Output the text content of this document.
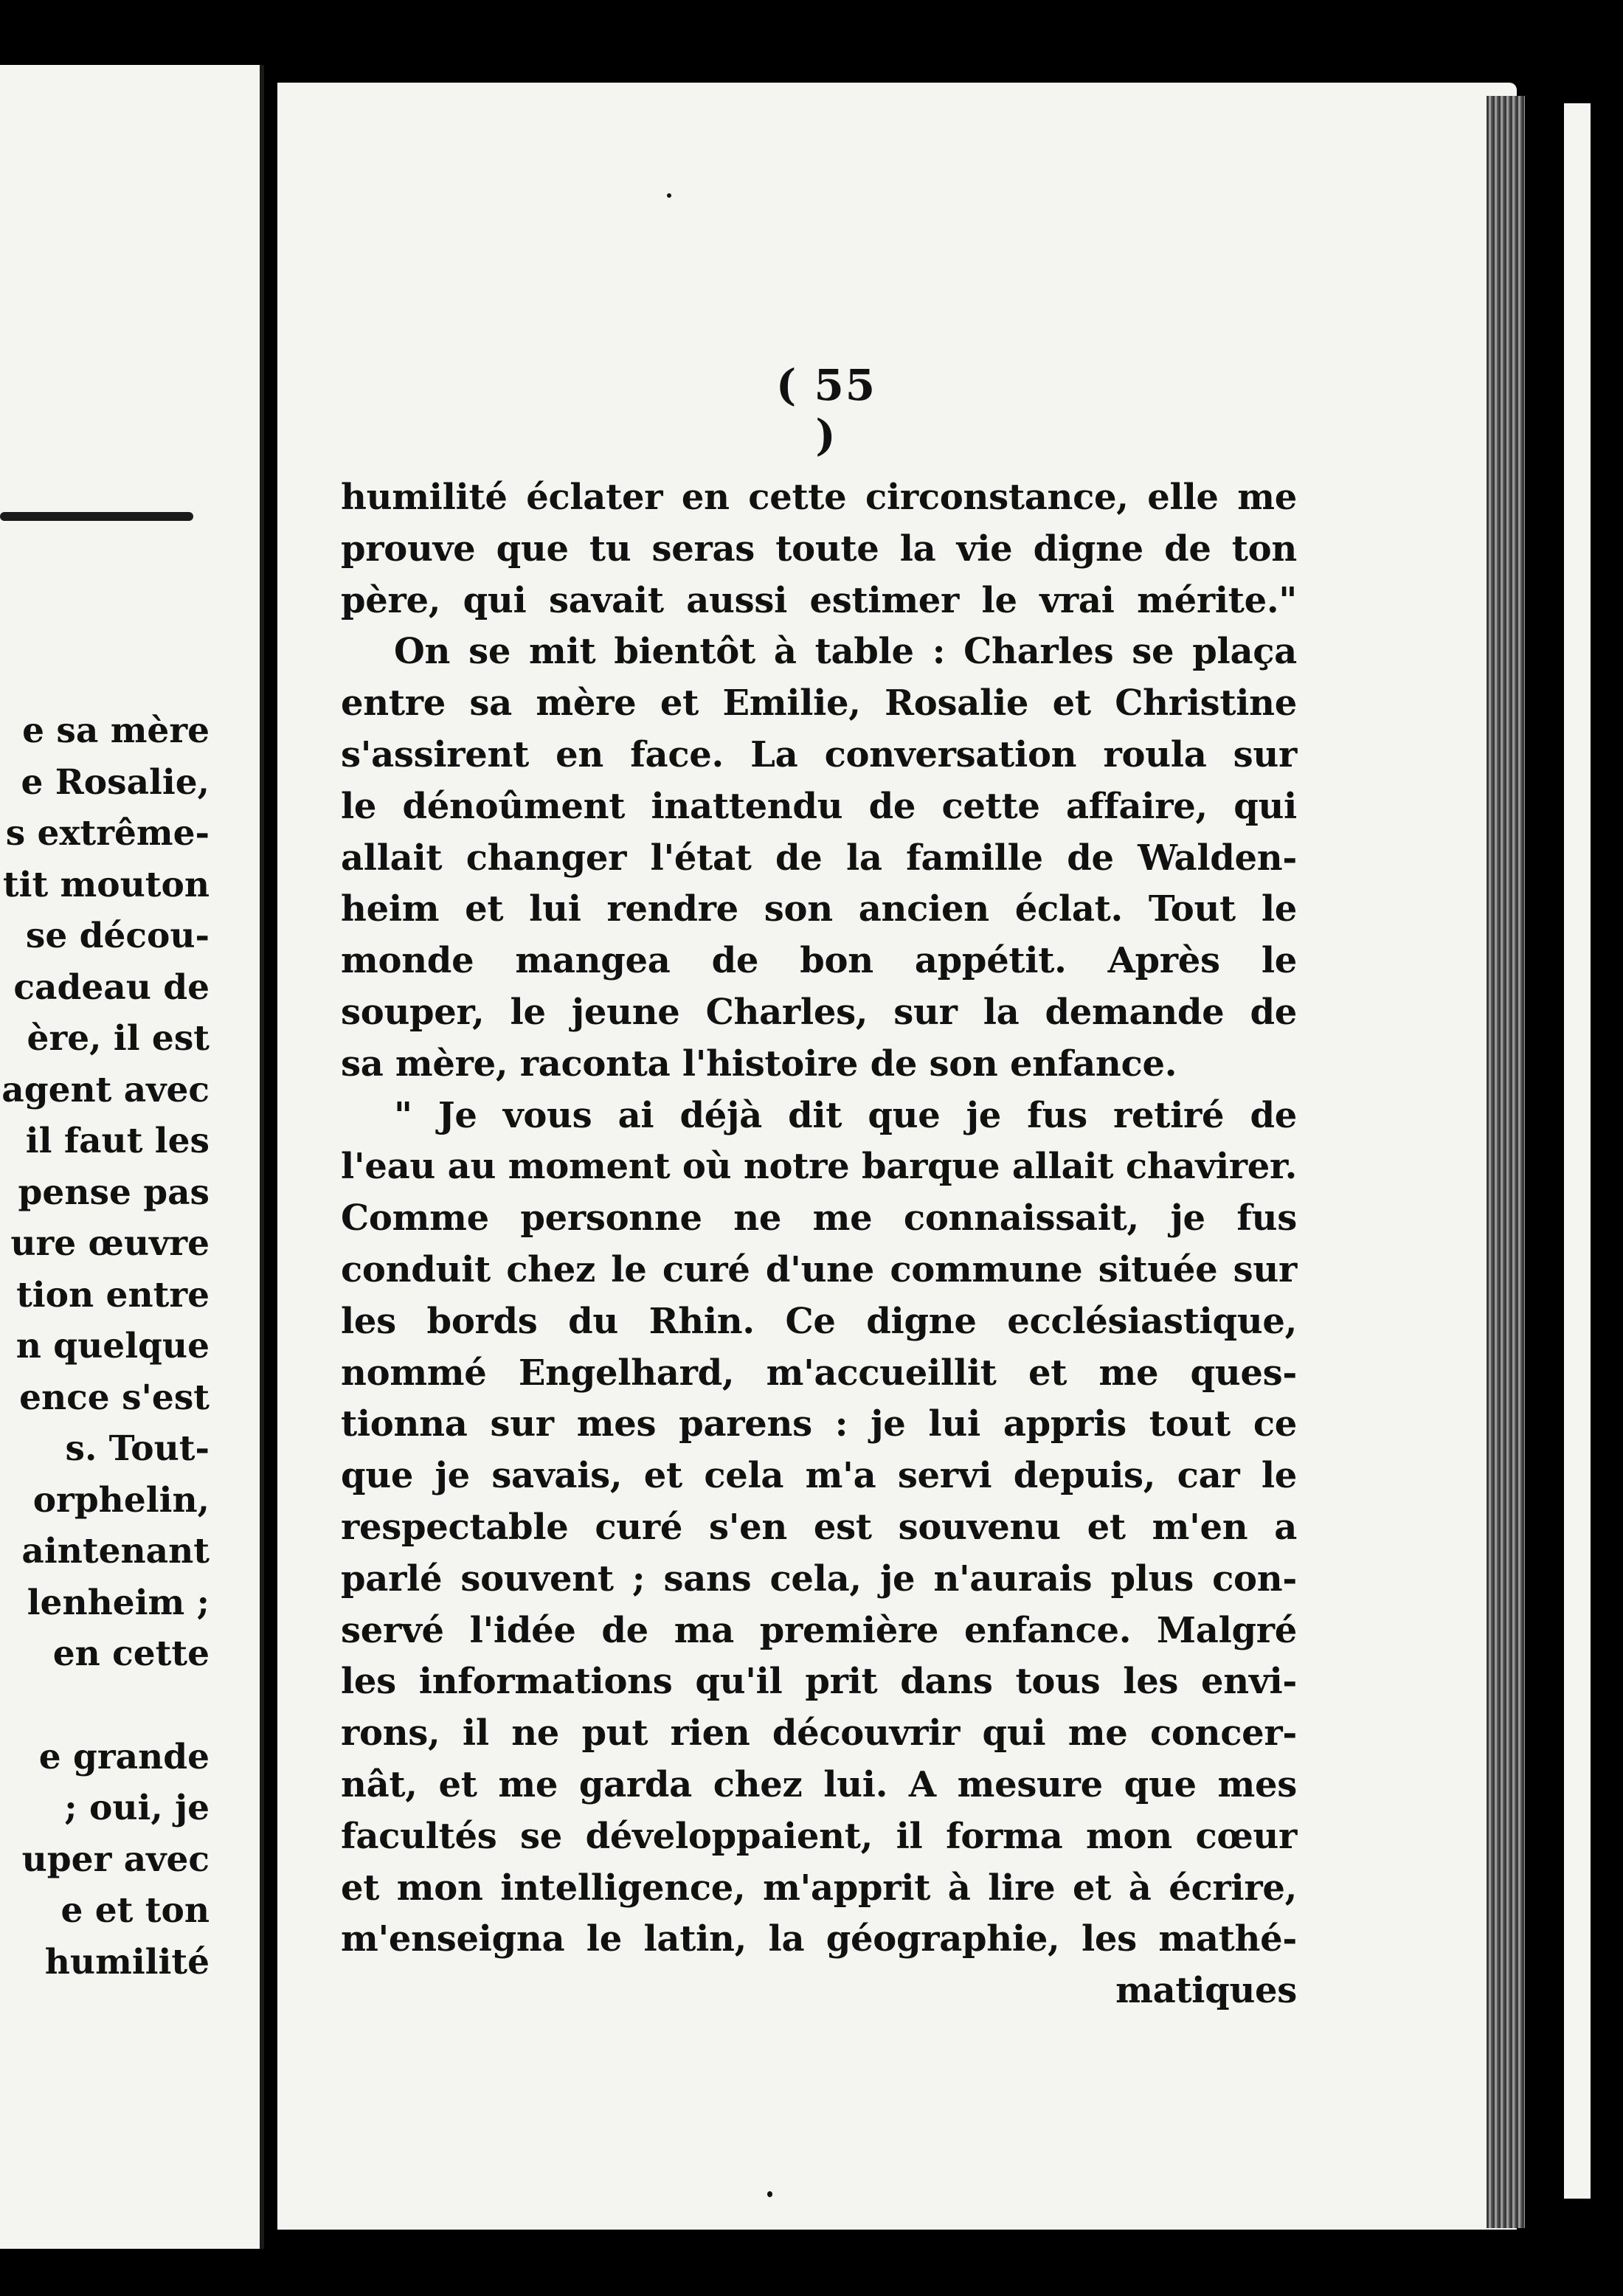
e sa mère
e Rosalie,
s extrême-
tit mouton
se décou-
cadeau de
ère, il est
agent avec
il faut les
pense pas
ure œuvre
tion entre
n quelque
ence s'est
s. Tout-
orphelin,
aintenant
lenheim ;
en cette
e grande
; oui, je
uper avec
e et ton
humilité
( 55 )
humilité éclater en cette circonstance, elle me
prouve que tu seras toute la vie digne de ton
père, qui savait aussi estimer le vrai mérite."
On se mit bientôt à table : Charles se plaça
entre sa mère et Emilie, Rosalie et Christine
s'assirent en face. La conversation roula sur
le dénoûment inattendu de cette affaire, qui
allait changer l'état de la famille de Walden-
heim et lui rendre son ancien éclat. Tout le
monde mangea de bon appétit. Après le
souper, le jeune Charles, sur la demande de
sa mère, raconta l'histoire de son enfance.
" Je vous ai déjà dit que je fus retiré de
l'eau au moment où notre barque allait chavirer.
Comme personne ne me connaissait, je fus
conduit chez le curé d'une commune située sur
les bords du Rhin. Ce digne ecclésiastique,
nommé Engelhard, m'accueillit et me ques-
tionna sur mes parens : je lui appris tout ce
que je savais, et cela m'a servi depuis, car le
respectable curé s'en est souvenu et m'en a
parlé souvent ; sans cela, je n'aurais plus con-
servé l'idée de ma première enfance. Malgré
les informations qu'il prit dans tous les envi-
rons, il ne put rien découvrir qui me concer-
nât, et me garda chez lui. A mesure que mes
facultés se développaient, il forma mon cœur
et mon intelligence, m'apprit à lire et à écrire,
m'enseigna le latin, la géographie, les mathé-
matiques
